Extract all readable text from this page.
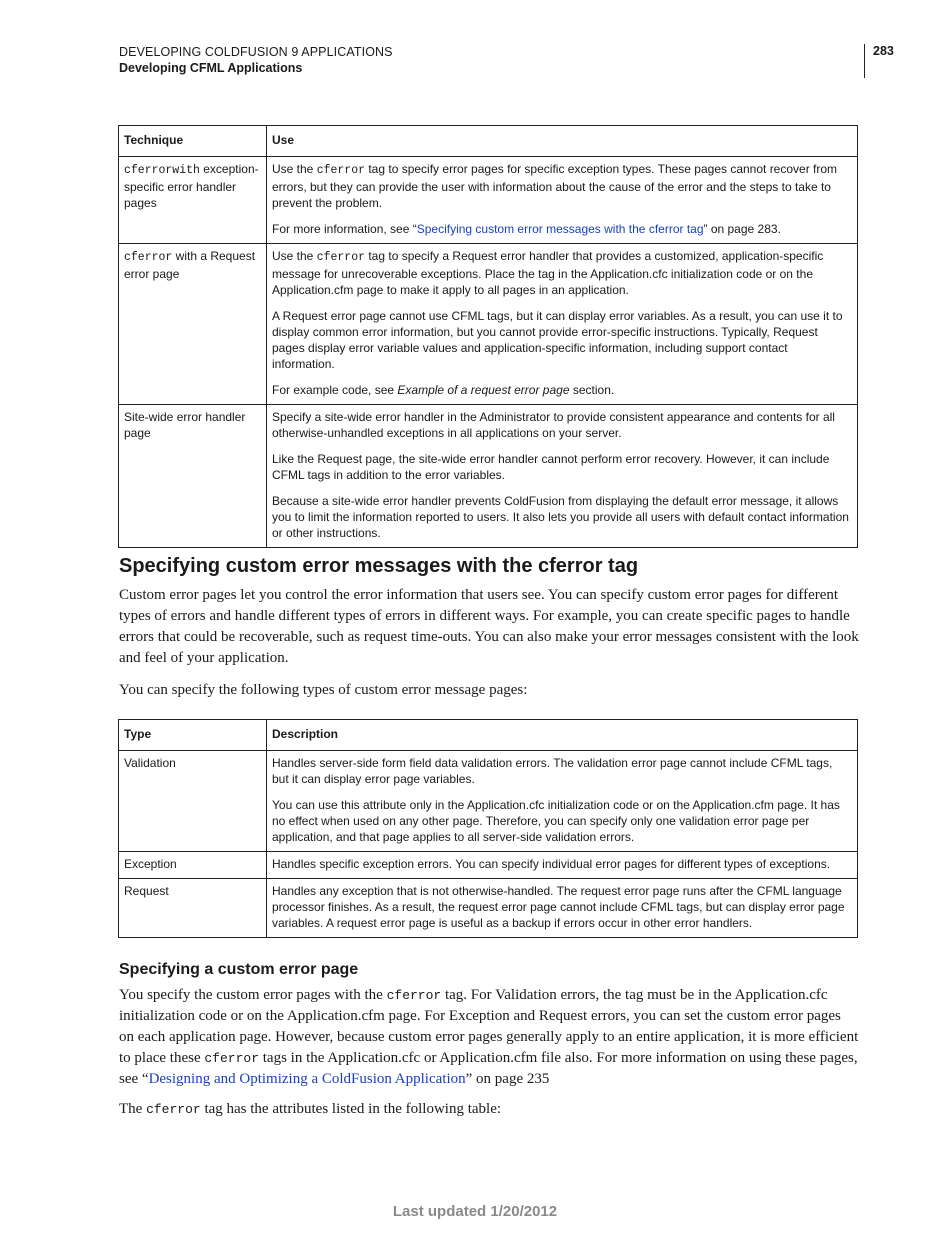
DEVELOPING COLDFUSION 9 APPLICATIONS
Developing CFML Applications
283
Technique	Use
cferrorwith exception-specific error handler pages	Use the cferror tag to specify error pages for specific exception types. These pages cannot recover from errors, but they can provide the user with information about the cause of the error and the steps to take to prevent the problem.

For more information, see “Specifying custom error messages with the cferror tag” on page 283.

cferror with a Request error page	Use the cferror tag to specify a Request error handler that provides a customized, application-specific message for unrecoverable exceptions. Place the tag in the Application.cfc initialization code or on the Application.cfm page to make it apply to all pages in an application.

A Request error page cannot use CFML tags, but it can display error variables. As a result, you can use it to display common error information, but you cannot provide error-specific instructions. Typically, Request pages display error variable values and application-specific information, including support contact information.

For example code, see Example of a request error page section.

Site-wide error handler page	Specify a site-wide error handler in the Administrator to provide consistent appearance and contents for all otherwise-unhandled exceptions in all applications on your server.

Like the Request page, the site-wide error handler cannot perform error recovery. However, it can include CFML tags in addition to the error variables.

Because a site-wide error handler prevents ColdFusion from displaying the default error message, it allows you to limit the information reported to users. It also lets you provide all users with default contact information or other instructions.

Specifying custom error messages with the cferror tag

Custom error pages let you control the error information that users see. You can specify custom error pages for different types of errors and handle different types of errors in different ways. For example, you can create specific pages to handle errors that could be recoverable, such as request time-outs. You can also make your error messages consistent with the look and feel of your application.

You can specify the following types of custom error message pages:

Type	Description
Validation	Handles server-side form field data validation errors. The validation error page cannot include CFML tags, but it can display error page variables.

You can use this attribute only in the Application.cfc initialization code or on the Application.cfm page. It has no effect when used on any other page. Therefore, you can specify only one validation error page per application, and that page applies to all server-side validation errors.

Exception	Handles specific exception errors. You can specify individual error pages for different types of exceptions.

Request	Handles any exception that is not otherwise-handled. The request error page runs after the CFML language processor finishes. As a result, the request error page cannot include CFML tags, but can display error page variables. A request error page is useful as a backup if errors occur in other error handlers.

Specifying a custom error page

You specify the custom error pages with the cferror tag. For Validation errors, the tag must be in the Application.cfc initialization code or on the Application.cfm page. For Exception and Request errors, you can set the custom error pages on each application page. However, because custom error pages generally apply to an entire application, it is more efficient to place these cferror tags in the Application.cfc or Application.cfm file also. For more information on using these pages, see “Designing and Optimizing a ColdFusion Application” on page 235

The cferror tag has the attributes listed in the following table:

Last updated 1/20/2012
